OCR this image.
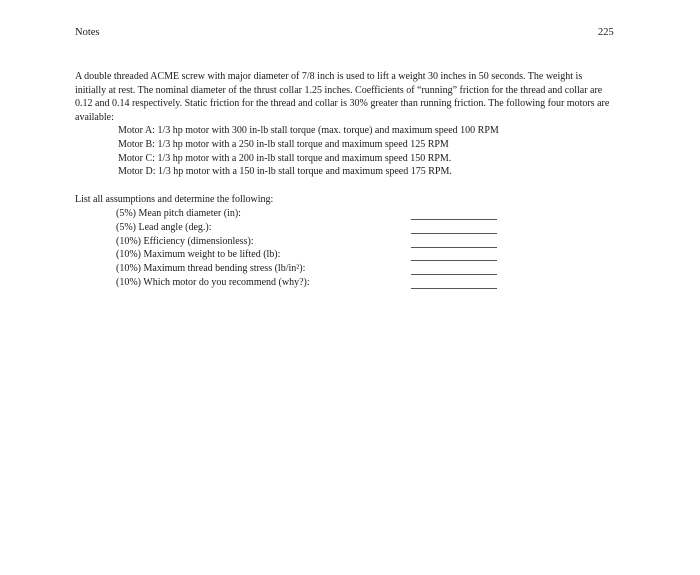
Notes	225

A double threaded ACME screw with major diameter of 7/8 inch is used to lift a weight 30 inches in 50 seconds. The weight is initially at rest. The nominal diameter of the thrust collar 1.25 inches. Coefficients of “running” friction for the thread and collar are 0.12 and 0.14 respectively. Static friction for the thread and collar is 30% greater than running friction. The following four motors are available:

Motor A: 1/3 hp motor with 300 in-lb stall torque (max. torque) and maximum speed 100 RPM
Motor B: 1/3 hp motor with a 250 in-lb stall torque and maximum speed 125 RPM
Motor C: 1/3 hp motor with a 200 in-lb stall torque and maximum speed 150 RPM.
Motor D: 1/3 hp motor with a 150 in-lb stall torque and maximum speed 175 RPM.

List all assumptions and determine the following:

(5%) Mean pitch diameter (in):
(5%) Lead angle (deg.):
(10%) Efficiency (dimensionless):
(10%) Maximum weight to be lifted (lb):
(10%) Maximum thread bending stress (lb/in²):
(10%) Which motor do you recommend (why?):
